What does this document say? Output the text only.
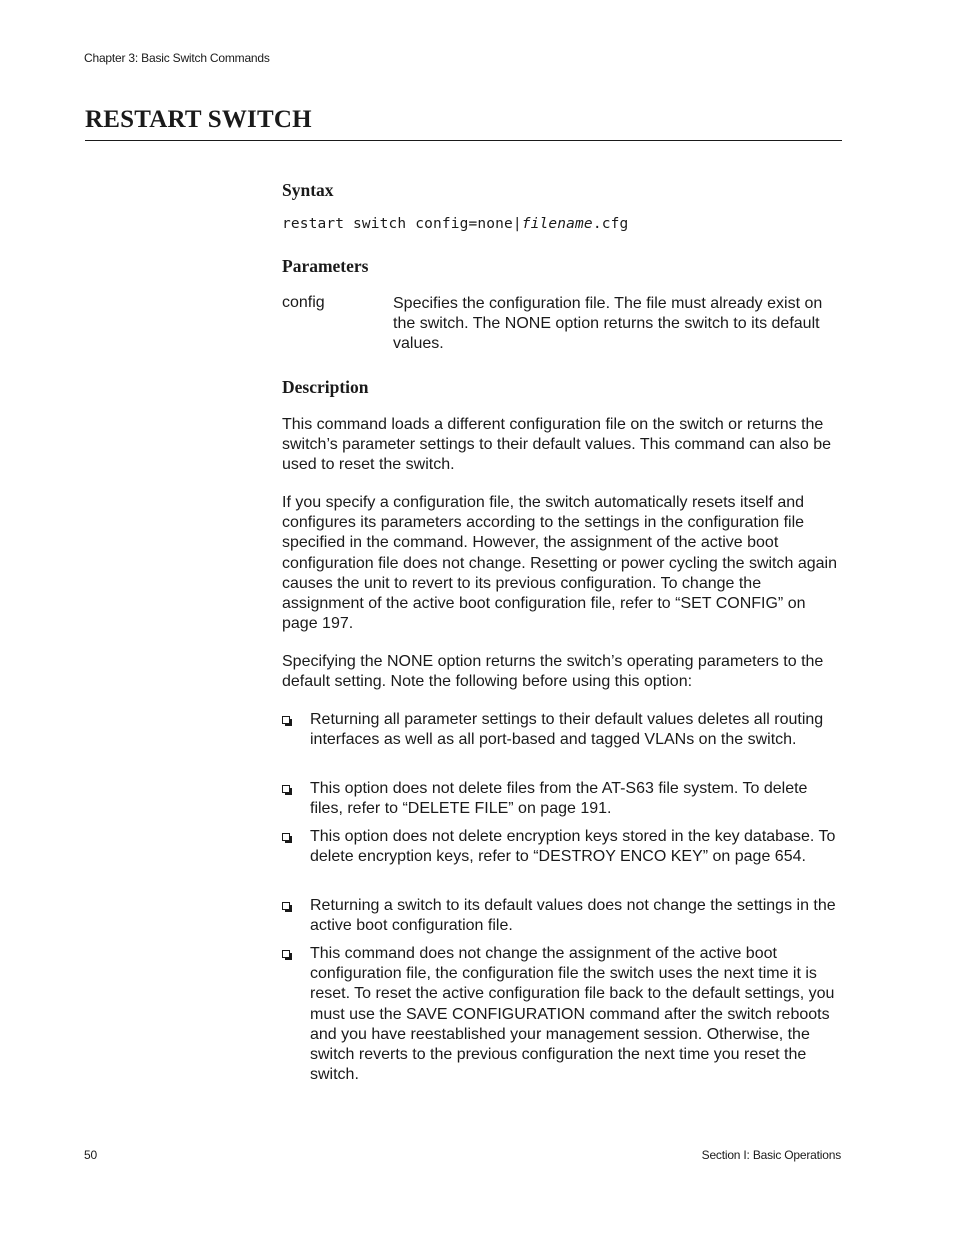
Chapter 3: Basic Switch Commands
RESTART SWITCH
Syntax
restart switch config=none|filename.cfg
Parameters
config	Specifies the configuration file. The file must already exist on the switch. The NONE option returns the switch to its default values.

Description

This command loads a different configuration file on the switch or returns the switch’s parameter settings to their default values. This command can also be used to reset the switch.

If you specify a configuration file, the switch automatically resets itself and configures its parameters according to the settings in the configuration file specified in the command. However, the assignment of the active boot configuration file does not change. Resetting or power cycling the switch again causes the unit to revert to its previous configuration. To change the assignment of the active boot configuration file, refer to “SET CONFIG” on page 197.

Specifying the NONE option returns the switch’s operating parameters to the default setting. Note the following before using this option:

Returning all parameter settings to their default values deletes all routing interfaces as well as all port-based and tagged VLANs on the switch.

This option does not delete files from the AT-S63 file system. To delete files, refer to “DELETE FILE” on page 191.

This option does not delete encryption keys stored in the key database. To delete encryption keys, refer to “DESTROY ENCO KEY” on page 654.

Returning a switch to its default values does not change the settings in the active boot configuration file.

This command does not change the assignment of the active boot configuration file, the configuration file the switch uses the next time it is reset. To reset the active configuration file back to the default settings, you must use the SAVE CONFIGURATION command after the switch reboots and you have reestablished your management session. Otherwise, the switch reverts to the previous configuration the next time you reset the switch.

50	Section I: Basic Operations
